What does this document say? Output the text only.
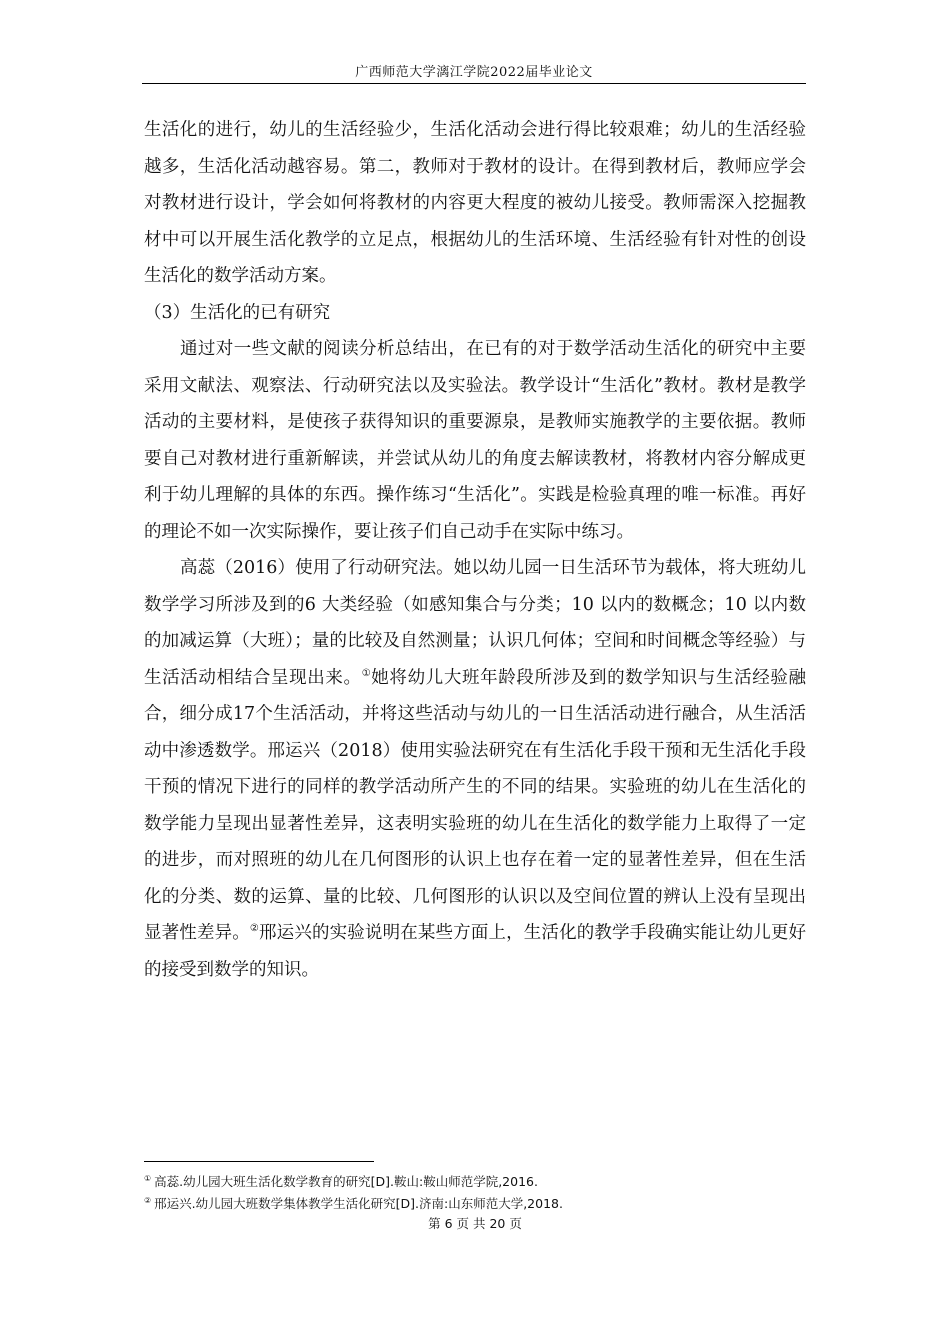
广西师范大学漓江学院2022届毕业论文

生活化的进行，幼儿的生活经验少，生活化活动会进行得比较艰难；幼儿的生活经验越多，生活化活动越容易。第二，教师对于教材的设计。在得到教材后，教师应学会对教材进行设计，学会如何将教材的内容更大程度的被幼儿接受。教师需深入挖掘教材中可以开展生活化教学的立足点，根据幼儿的生活环境、生活经验有针对性的创设生活化的数学活动方案。

（3）生活化的已有研究

通过对一些文献的阅读分析总结出，在已有的对于数学活动生活化的研究中主要采用文献法、观察法、行动研究法以及实验法。教学设计“生活化”教材。教材是教学活动的主要材料，是使孩子获得知识的重要源泉，是教师实施教学的主要依据。教师要自己对教材进行重新解读，并尝试从幼儿的角度去解读教材，将教材内容分解成更利于幼儿理解的具体的东西。操作练习“生活化”。实践是检验真理的唯一标准。再好的理论不如一次实际操作，要让孩子们自己动手在实际中练习。

高蕊（2016）使用了行动研究法。她以幼儿园一日生活环节为载体，将大班幼儿数学学习所涉及到的6 大类经验（如感知集合与分类；10 以内的数概念；10 以内数的加减运算（大班）；量的比较及自然测量；认识几何体；空间和时间概念等经验）与生活活动相结合呈现出来。①她将幼儿大班年龄段所涉及到的数学知识与生活经验融合，细分成17个生活活动，并将这些活动与幼儿的一日生活活动进行融合，从生活活动中渗透数学。邢运兴（2018）使用实验法研究在有生活化手段干预和无生活化手段干预的情况下进行的同样的教学活动所产生的不同的结果。实验班的幼儿在生活化的数学能力呈现出显著性差异，这表明实验班的幼儿在生活化的数学能力上取得了一定的进步，而对照班的幼儿在几何图形的认识上也存在着一定的显著性差异，但在生活化的分类、数的运算、量的比较、几何图形的认识以及空间位置的辨认上没有呈现出显著性差异。②邢运兴的实验说明在某些方面上，生活化的教学手段确实能让幼儿更好的接受到数学的知识。

① 高蕊.幼儿园大班生活化数学教育的研究[D].鞍山:鞍山师范学院,2016.
② 邢运兴.幼儿园大班数学集体教学生活化研究[D].济南:山东师范大学,2018.
第 6 页 共 20 页
